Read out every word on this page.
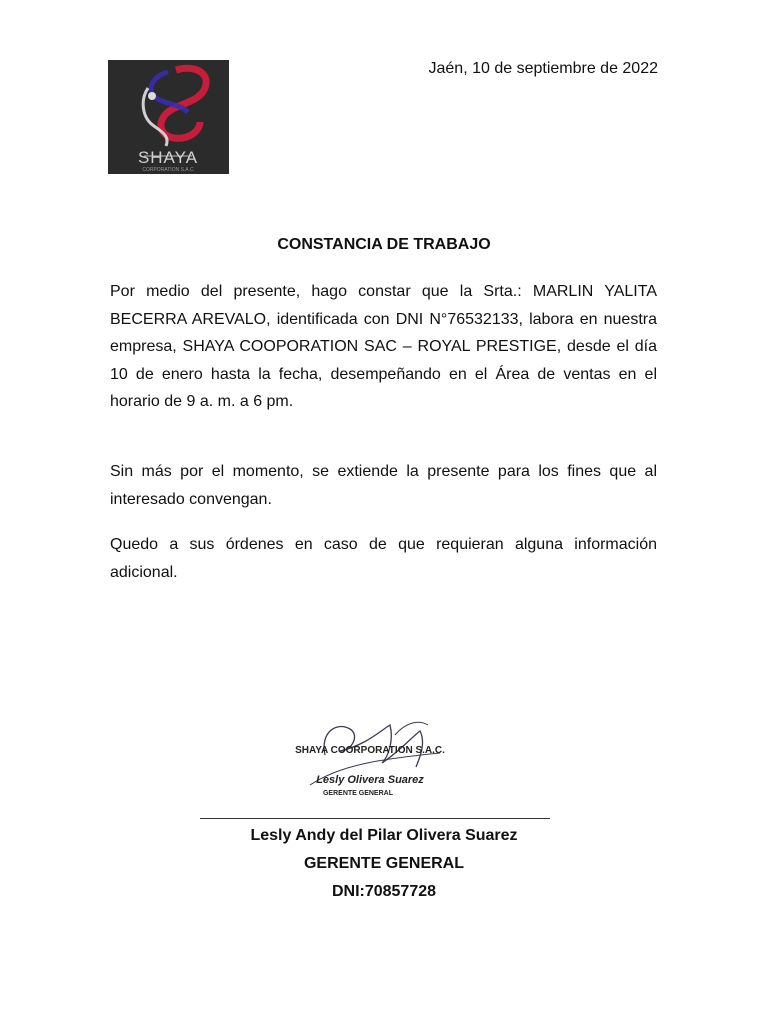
SHAYA
CORPORATION S.A.C
Jaén, 10 de septiembre de 2022
CONSTANCIA DE TRABAJO

Por medio del presente, hago constar que la Srta.: MARLIN YALITA BECERRA AREVALO, identificada con DNI N°76532133, labora en nuestra empresa, SHAYA COOPORATION SAC – ROYAL PRESTIGE, desde el día 10 de enero hasta la fecha, desempeñando en el Área de ventas en el horario de 9 a. m. a 6 pm.

Sin más por el momento, se extiende la presente para los fines que al interesado convengan.

Quedo a sus órdenes en caso de que requieran alguna información adicional.

SHAYA COORPORATION S.A.C.
Lesly Olivera Suarez
GERENTE GENERAL
Lesly Andy del Pilar Olivera Suarez
GERENTE GENERAL
DNI:70857728
